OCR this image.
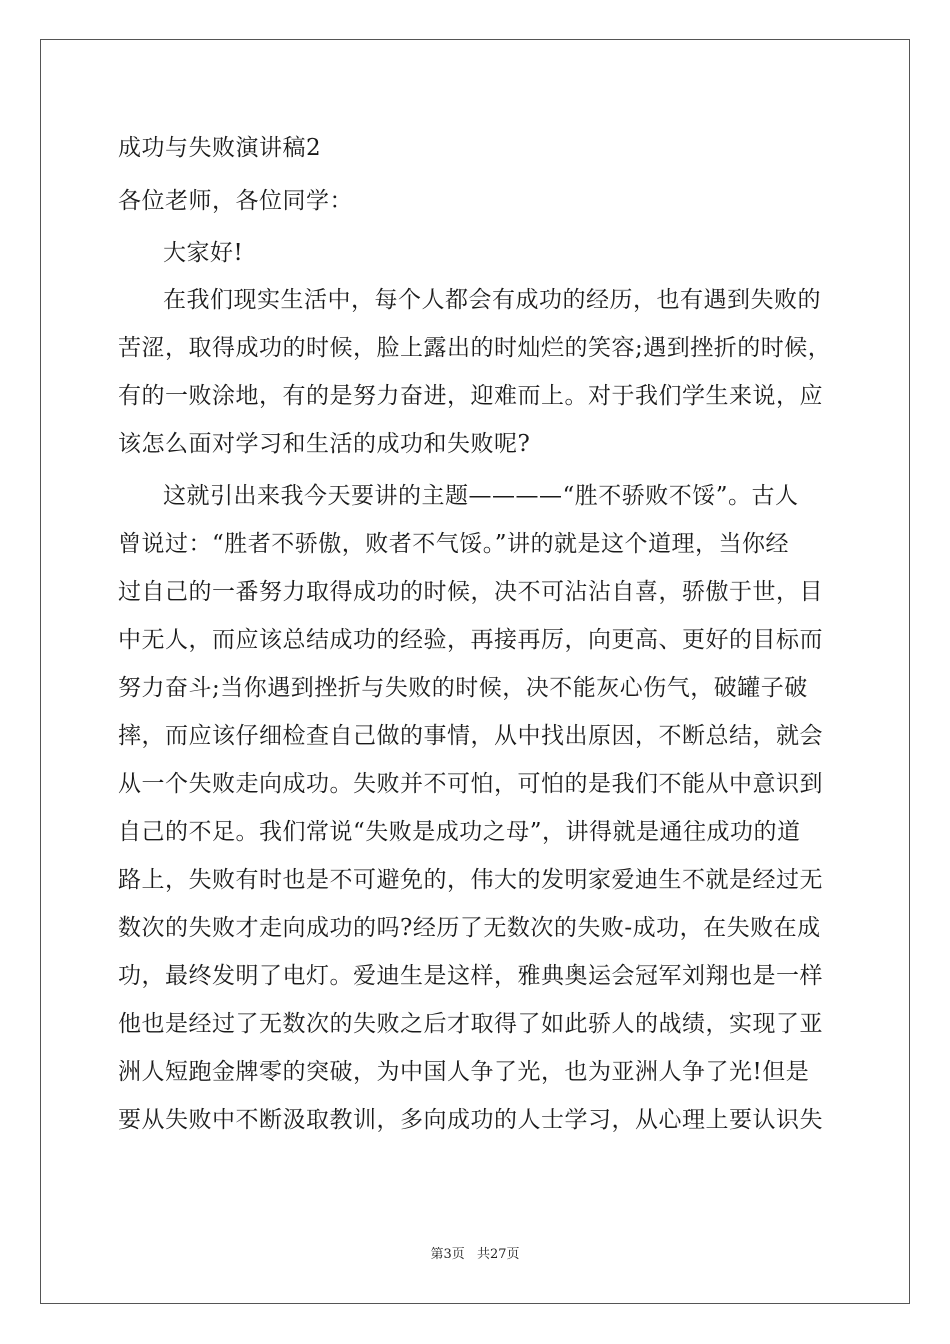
成功与失败演讲稿2
各位老师，各位同学：
大家好!
在我们现实生活中，每个人都会有成功的经历，也有遇到失败的
苦涩，取得成功的时候，脸上露出的时灿烂的笑容;遇到挫折的时候，
有的一败涂地，有的是努力奋进，迎难而上。对于我们学生来说，应
该怎么面对学习和生活的成功和失败呢?
这就引出来我今天要讲的主题————“胜不骄败不馁”。古人
曾说过：“胜者不骄傲，败者不气馁。”讲的就是这个道理，当你经
过自己的一番努力取得成功的时候，决不可沾沾自喜，骄傲于世，目
中无人，而应该总结成功的经验，再接再厉，向更高、更好的目标而
努力奋斗;当你遇到挫折与失败的时候，决不能灰心伤气，破罐子破
摔，而应该仔细检查自己做的事情，从中找出原因，不断总结，就会
从一个失败走向成功。失败并不可怕，可怕的是我们不能从中意识到
自己的不足。我们常说“失败是成功之母”，讲得就是通往成功的道
路上，失败有时也是不可避免的，伟大的发明家爱迪生不就是经过无
数次的失败才走向成功的吗?经历了无数次的失败-成功，在失败在成
功，最终发明了电灯。爱迪生是这样，雅典奥运会冠军刘翔也是一样
他也是经过了无数次的失败之后才取得了如此骄人的战绩，实现了亚
洲人短跑金牌零的突破，为中国人争了光，也为亚洲人争了光!但是
要从失败中不断汲取教训，多向成功的人士学习，从心理上要认识失
第3页 共27页
